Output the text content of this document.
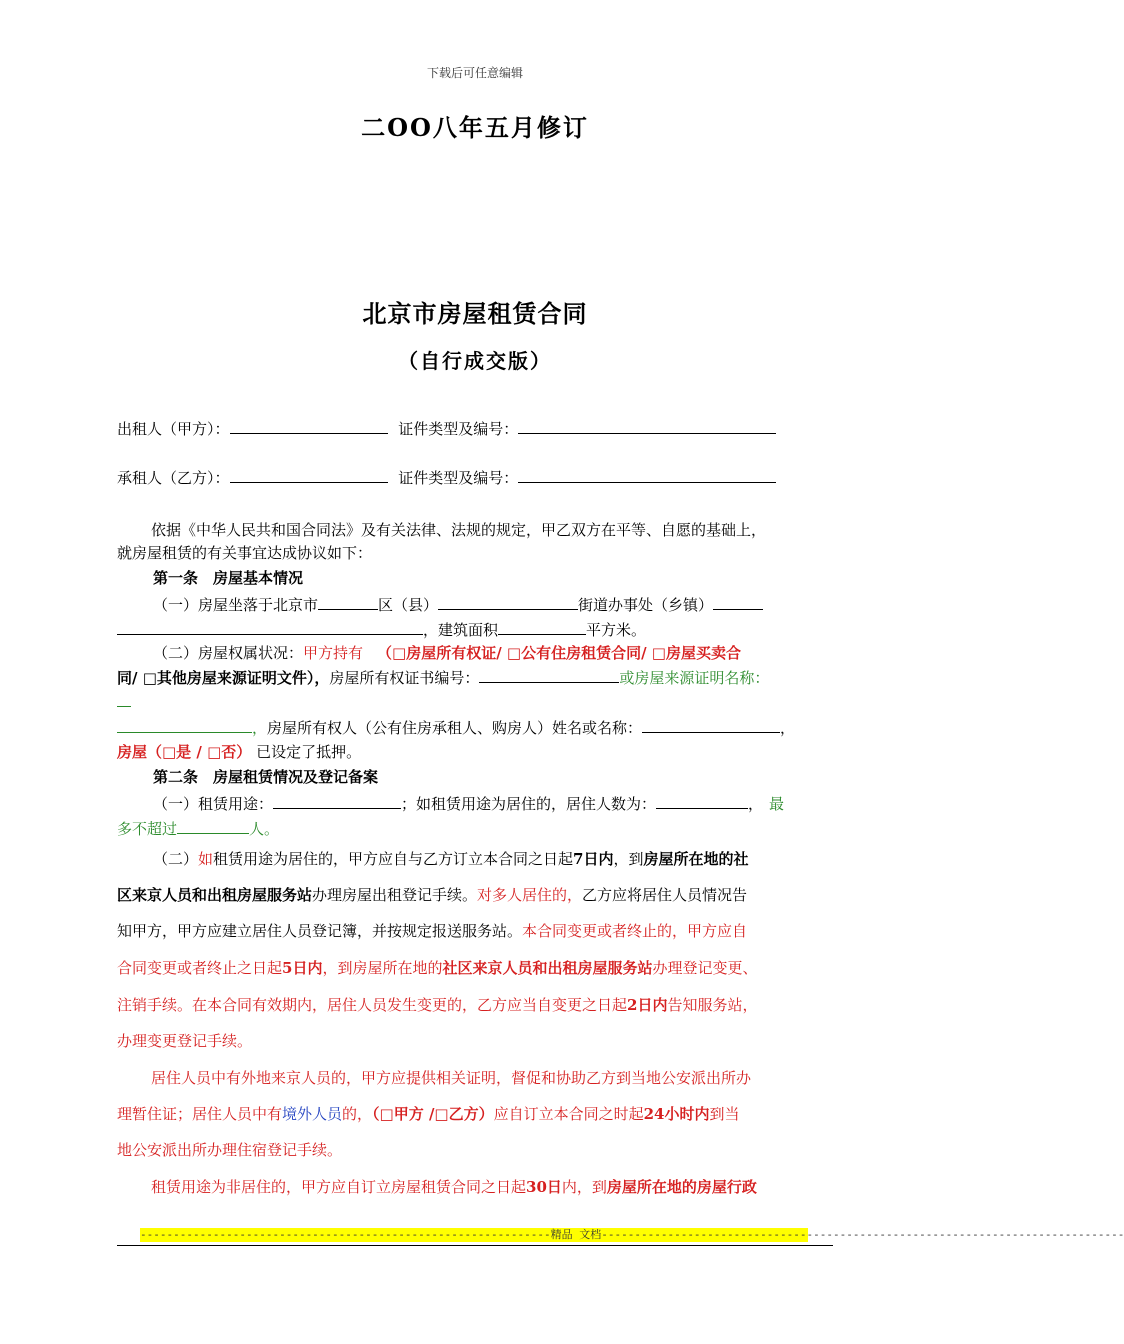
下载后可任意编辑
二OO八年五月修订
北京市房屋租赁合同
（自行成交版）
出租人（甲方）：	证件类型及编号：
承租人（乙方）：	证件类型及编号：
依据《中华人民共和国合同法》及有关法律、法规的规定，甲乙双方在平等、自愿的基础上，
就房屋租赁的有关事宜达成协议如下：
第一条　房屋基本情况
（一）房屋坐落于北京市	区（县）	街道办事处（乡镇）
，建筑面积	平方米。
（二）房屋权属状况：甲方持有 （□房屋所有权证/ □公有住房租赁合同/ □房屋买卖合
同/ □其他房屋来源证明文件），房屋所有权证书编号：	或房屋来源证明名称：
，房屋所有权人（公有住房承租人、购房人）姓名或名称：	，
房屋（□是 / □否） 已设定了抵押。
第二条　房屋租赁情况及登记备案
（一）租赁用途：	；如租赁用途为居住的，居住人数为：	， 最
多不超过	人。
（二）如租赁用途为居住的，甲方应自与乙方订立本合同之日起7日内，到房屋所在地的社
区来京人员和出租房屋服务站办理房屋出租登记手续。对多人居住的，乙方应将居住人员情况告
知甲方，甲方应建立居住人员登记簿，并按规定报送服务站。本合同变更或者终止的，甲方应自
合同变更或者终止之日起5日内，到房屋所在地的社区来京人员和出租房屋服务站办理登记变更、
注销手续。在本合同有效期内，居住人员发生变更的，乙方应当自变更之日起2日内告知服务站，
办理变更登记手续。
居住人员中有外地来京人员的，甲方应提供相关证明，督促和协助乙方到当地公安派出所办
理暂住证；居住人员中有境外人员的，（□甲方 /□乙方）应自订立本合同之时起24小时内到当
地公安派出所办理住宿登记手续。
租赁用途为非居住的，甲方应自订立房屋租赁合同之日起30日内，到房屋所在地的房屋行政
--------------------------------------------------------------精品 文档-------------------------------------------------------------------------------
